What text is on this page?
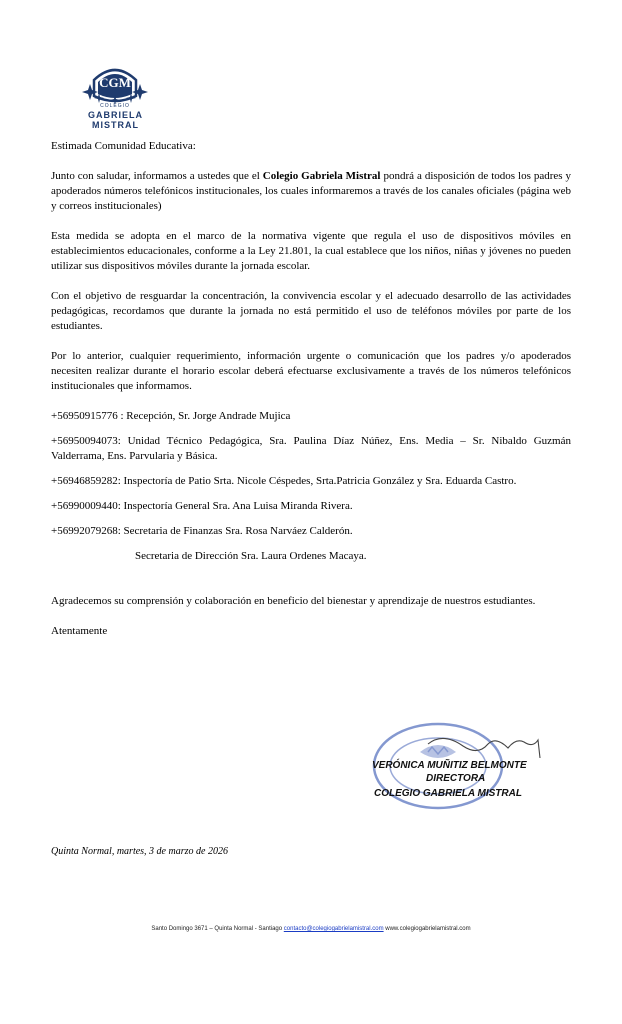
CGM
COLEGIO
GABRIELA MISTRAL

Estimada Comunidad Educativa:

Junto con saludar, informamos a ustedes que el Colegio Gabriela Mistral pondrá a disposición de todos los padres y apoderados números telefónicos institucionales, los cuales informaremos a través de los canales oficiales (página web y correos institucionales)

Esta medida se adopta en el marco de la normativa vigente que regula el uso de dispositivos móviles en establecimientos educacionales, conforme a la Ley 21.801, la cual establece que los niños, niñas y jóvenes no pueden utilizar sus dispositivos móviles durante la jornada escolar.

Con el objetivo de resguardar la concentración, la convivencia escolar y el adecuado desarrollo de las actividades pedagógicas, recordamos que durante la jornada no está permitido el uso de teléfonos móviles por parte de los estudiantes.

Por lo anterior, cualquier requerimiento, información urgente o comunicación que los padres y/o apoderados necesiten realizar durante el horario escolar deberá efectuarse exclusivamente a través de los números telefónicos institucionales que informamos.

+56950915776 : Recepción, Sr. Jorge Andrade Mujica

+56950094073: Unidad Técnico Pedagógica, Sra. Paulina Díaz Núñez, Ens. Media – Sr. Nibaldo Guzmán Valderrama, Ens. Parvularia y Básica.

+56946859282: Inspectoría de Patio Srta. Nicole Céspedes, Srta.Patricia González y Sra. Eduarda Castro.

+56990009440: Inspectoría General Sra. Ana Luisa Miranda Rivera.

+56992079268: Secretaria de Finanzas Sra. Rosa Narváez Calderón.

Secretaria de Dirección Sra. Laura Ordenes Macaya.

Agradecemos su comprensión y colaboración en beneficio del bienestar y aprendizaje de nuestros estudiantes.

Atentamente

VERÓNICA MUÑITIZ BELMONTE
DIRECTORA
COLEGIO GABRIELA MISTRAL
Quinta Normal, martes, 3 de marzo de 2026
Santo Domingo 3671 – Quinta Normal - Santiago contacto@colegiogabrielamistral.com www.colegiogabrielamistral.com
